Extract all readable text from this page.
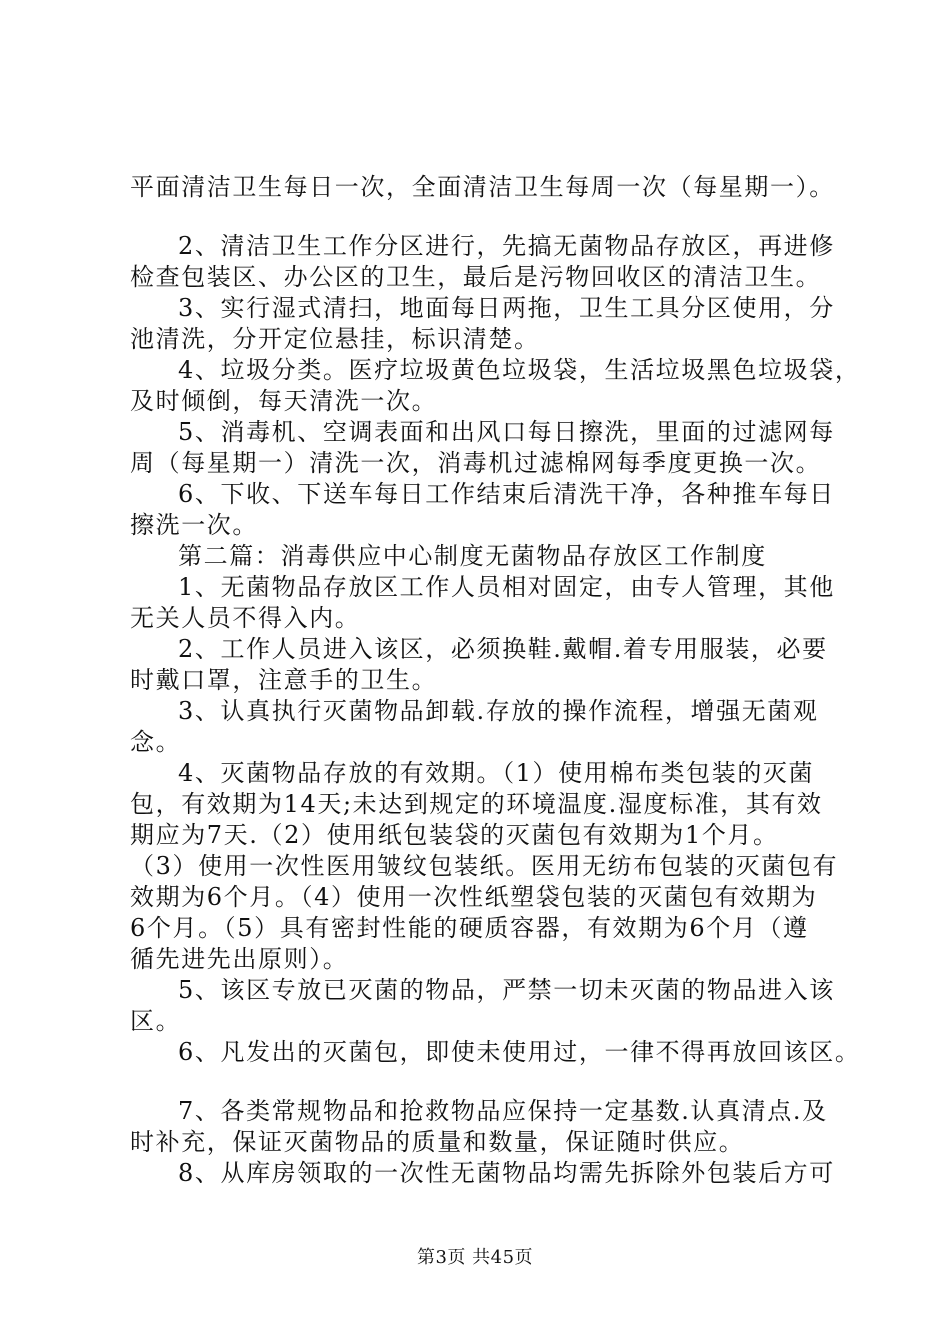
平面清洁卫生每日一次，全面清洁卫生每周一次（每星期一）。
2、清洁卫生工作分区进行，先搞无菌物品存放区，再进修
检查包装区、办公区的卫生，最后是污物回收区的清洁卫生。
3、实行湿式清扫，地面每日两拖，卫生工具分区使用，分
池清洗，分开定位悬挂，标识清楚。
4、垃圾分类。医疗垃圾黄色垃圾袋，生活垃圾黑色垃圾袋，
及时倾倒，每天清洗一次。
5、消毒机、空调表面和出风口每日擦洗，里面的过滤网每
周（每星期一）清洗一次，消毒机过滤棉网每季度更换一次。
6、下收、下送车每日工作结束后清洗干净，各种推车每日
擦洗一次。
第二篇：消毒供应中心制度无菌物品存放区工作制度
1、无菌物品存放区工作人员相对固定，由专人管理，其他
无关人员不得入内。
2、工作人员进入该区，必须换鞋.戴帽.着专用服装，必要
时戴口罩，注意手的卫生。
3、认真执行灭菌物品卸载.存放的操作流程，增强无菌观
念。
4、灭菌物品存放的有效期。（1）使用棉布类包装的灭菌
包，有效期为14天;未达到规定的环境温度.湿度标准，其有效
期应为7天.（2）使用纸包装袋的灭菌包有效期为1个月。
（3）使用一次性医用皱纹包装纸。医用无纺布包装的灭菌包有
效期为6个月。（4）使用一次性纸塑袋包装的灭菌包有效期为
6个月。（5）具有密封性能的硬质容器，有效期为6个月（遵
循先进先出原则）。
5、该区专放已灭菌的物品，严禁一切未灭菌的物品进入该
区。
6、凡发出的灭菌包，即使未使用过，一律不得再放回该区。
7、各类常规物品和抢救物品应保持一定基数.认真清点.及
时补充，保证灭菌物品的质量和数量，保证随时供应。
8、从库房领取的一次性无菌物品均需先拆除外包装后方可
第3页 共45页
